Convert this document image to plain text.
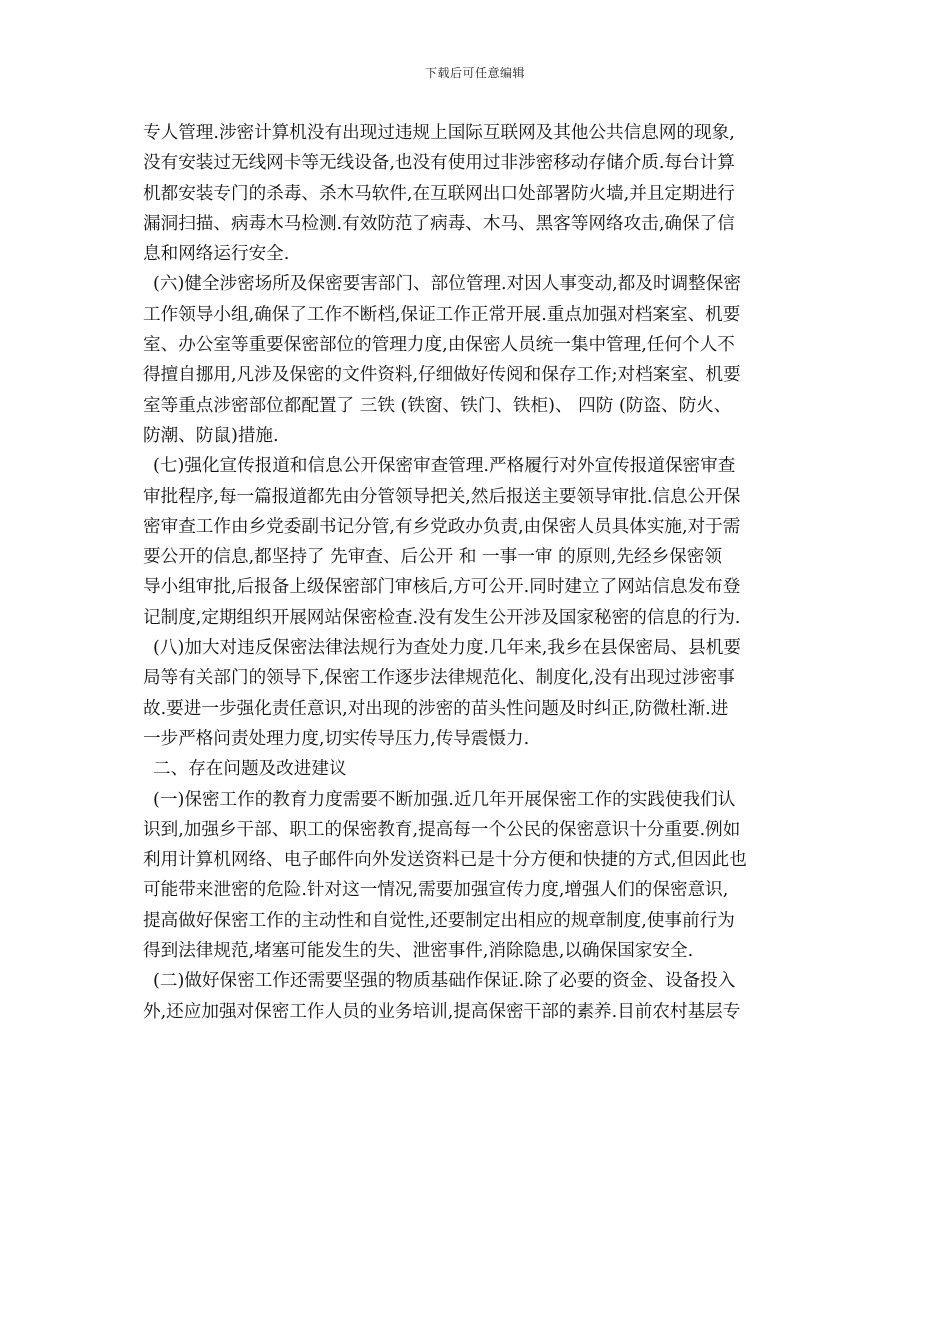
下载后可任意编辑
专人管理.涉密计算机没有出现过违规上国际互联网及其他公共信息网的现象,
没有安装过无线网卡等无线设备,也没有使用过非涉密移动存储介质.每台计算
机都安装专门的杀毒、杀木马软件,在互联网出口处部署防火墙,并且定期进行
漏洞扫描、病毒木马检测.有效防范了病毒、木马、黑客等网络攻击,确保了信
息和网络运行安全.
(六)健全涉密场所及保密要害部门、部位管理.对因人事变动,都及时调整保密
工作领导小组,确保了工作不断档,保证工作正常开展.重点加强对档案室、机要
室、办公室等重要保密部位的管理力度,由保密人员统一集中管理,任何个人不
得擅自挪用,凡涉及保密的文件资料,仔细做好传阅和保存工作;对档案室、机要
室等重点涉密部位都配置了 三铁 (铁窗、铁门、铁柜)、 四防 (防盗、防火、
防潮、防鼠)措施.
(七)强化宣传报道和信息公开保密审查管理.严格履行对外宣传报道保密审查
审批程序,每一篇报道都先由分管领导把关,然后报送主要领导审批.信息公开保
密审查工作由乡党委副书记分管,有乡党政办负责,由保密人员具体实施,对于需
要公开的信息,都坚持了 先审查、后公开 和 一事一审 的原则,先经乡保密领
导小组审批,后报备上级保密部门审核后,方可公开.同时建立了网站信息发布登
记制度,定期组织开展网站保密检查.没有发生公开涉及国家秘密的信息的行为.
(八)加大对违反保密法律法规行为查处力度.几年来,我乡在县保密局、县机要
局等有关部门的领导下,保密工作逐步法律规范化、制度化,没有出现过涉密事
故.要进一步强化责任意识,对出现的涉密的苗头性问题及时纠正,防微杜渐.进
一步严格问责处理力度,切实传导压力,传导震慑力.
二、存在问题及改进建议
(一)保密工作的教育力度需要不断加强.近几年开展保密工作的实践使我们认
识到,加强乡干部、职工的保密教育,提高每一个公民的保密意识十分重要.例如
利用计算机网络、电子邮件向外发送资料已是十分方便和快捷的方式,但因此也
可能带来泄密的危险.针对这一情况,需要加强宣传力度,增强人们的保密意识,
提高做好保密工作的主动性和自觉性,还要制定出相应的规章制度,使事前行为
得到法律规范,堵塞可能发生的失、泄密事件,消除隐患,以确保国家安全.
(二)做好保密工作还需要坚强的物质基础作保证.除了必要的资金、设备投入
外,还应加强对保密工作人员的业务培训,提高保密干部的素养.目前农村基层专
